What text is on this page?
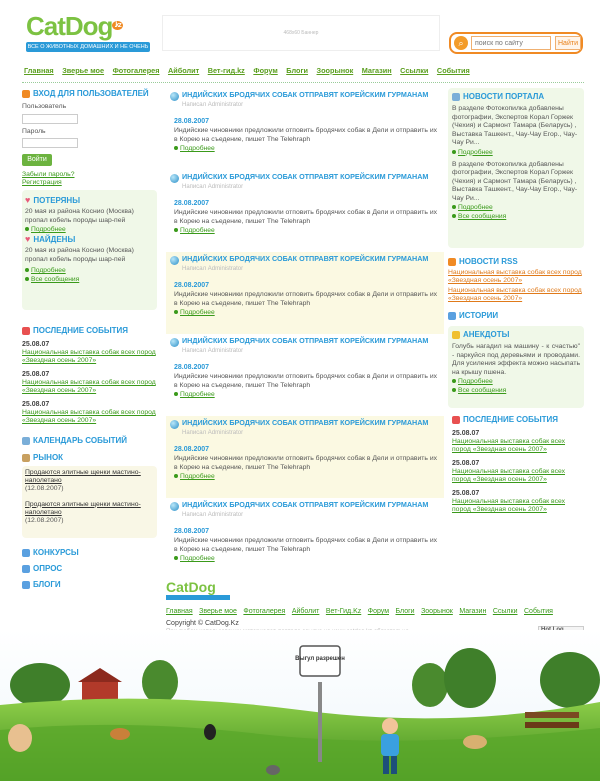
CatDog $^{.kz}$
ВСЕ О ЖИВОТНЫХ ДОМАШНИХ И НЕ ОЧЕНЬ
468x60 Баннер
⌕
поиск по сайту	Найти
Главная Зверье мое Фотогалерея Айболит Вет-гид.kz Форум Блоги Зоорынок Магазин Ссылки События
ВХОД ДЛЯ ПОЛЬЗОВАТЕЛЕЙ
Пользователь
Пароль
Войти
Забыли пароль?
Регистрация
♥ ПОТЕРЯНЫ
20 мая из района Коснио (Москва) пропал кобель породы шар-пей
Подробнее
♥ НАЙДЕНЫ
20 мая из района Коснио (Москва) пропал кобель породы шар-пей
Подробнее
Все сообщения
ПОСЛЕДНИЕ СОБЫТИЯ
25.08.07
Национальная выставка собак всех пород «Звездная осень 2007»
25.08.07
Национальная выставка собак всех пород «Звездная осень 2007»
25.08.07
Национальная выставка собак всех пород «Звездная осень 2007»
КАЛЕНДАРЬ СОБЫТИЙ
РЫНОК
Продаются элитные щенки мастино-наполетано
(12.08.2007)
Продаются элитные щенки мастино-наполетано
(12.08.2007)
КОНКУРСЫ
ОПРОС
БЛОГИ
ИНДИЙСКИХ БРОДЯЧИХ СОБАК ОТПРАВЯТ КОРЕЙСКИМ ГУРМАНАМ
Написал Administrator
28.08.2007
Индийские чиновники предложили отповить бродячих собак в Дели и отправить их в Корею на съедение, пишет The Telehraph
Подробнее
ИНДИЙСКИХ БРОДЯЧИХ СОБАК ОТПРАВЯТ КОРЕЙСКИМ ГУРМАНАМ
Написал Administrator
28.08.2007
Индийские чиновники предложили отповить бродячих собак в Дели и отправить их в Корею на съедение, пишет The Telehraph
Подробнее
ИНДИЙСКИХ БРОДЯЧИХ СОБАК ОТПРАВЯТ КОРЕЙСКИМ ГУРМАНАМ
Написал Administrator
28.08.2007
Индийские чиновники предложили отповить бродячих собак в Дели и отправить их в Корею на съедение, пишет The Telehraph
Подробнее
ИНДИЙСКИХ БРОДЯЧИХ СОБАК ОТПРАВЯТ КОРЕЙСКИМ ГУРМАНАМ
Написал Administrator
28.08.2007
Индийские чиновники предложили отповить бродячих собак в Дели и отправить их в Корею на съедение, пишет The Telehraph
Подробнее
ИНДИЙСКИХ БРОДЯЧИХ СОБАК ОТПРАВЯТ КОРЕЙСКИМ ГУРМАНАМ
Написал Administrator
28.08.2007
Индийские чиновники предложили отповить бродячих собак в Дели и отправить их в Корею на съедение, пишет The Telehraph
Подробнее
ИНДИЙСКИХ БРОДЯЧИХ СОБАК ОТПРАВЯТ КОРЕЙСКИМ ГУРМАНАМ
Написал Administrator
28.08.2007
Индийские чиновники предложили отповить бродячих собак в Дели и отправить их в Корею на съедение, пишет The Telehraph
Подробнее
НОВОСТИ ПОРТАЛА
В разделе Фотокопилка добавлены фотографии, Экспертов Корал Горжек (Чехия) и Сармонт Тамара (Беларусь) , Выставка Ташкент., Чау-Чау Егор., Чау-Чау Ри...
Подробнее
В разделе Фотокопилка добавлены фотографии, Экспертов Корал Горжек (Чехия) и Сармонт Тамара (Беларусь) , Выставка Ташкент., Чау-Чау Егор., Чау-Чау Ри...
Подробнее
Все сообщения
НОВОСТИ RSS
Национальная выставка собак всех пород «Звездная осень 2007»
Национальная выставка собак всех пород «Звездная осень 2007»
ИСТОРИИ
АНЕКДОТЫ
Голубь нагадил на машину - к счастью" - паркуйся под деревьями и проводами. Для усиления эффекта можно насыпать на крышу пшена.
Подробнее
Все сообщения
ПОСЛЕДНИЕ СОБЫТИЯ
25.08.07
Национальная выставка собак всех пород «Звездная осень 2007»
25.08.07
Национальная выставка собак всех пород «Звездная осень 2007»
25.08.07
Национальная выставка собак всех пород «Звездная осень 2007»
CatDog
Главная Зверье мое Фотогалерея Айболит Вет-Гид.Kz Форум Блоги Зоорынок Магазин Ссылки События
Copyright © CatDog.Kz
Выгул разрешен
